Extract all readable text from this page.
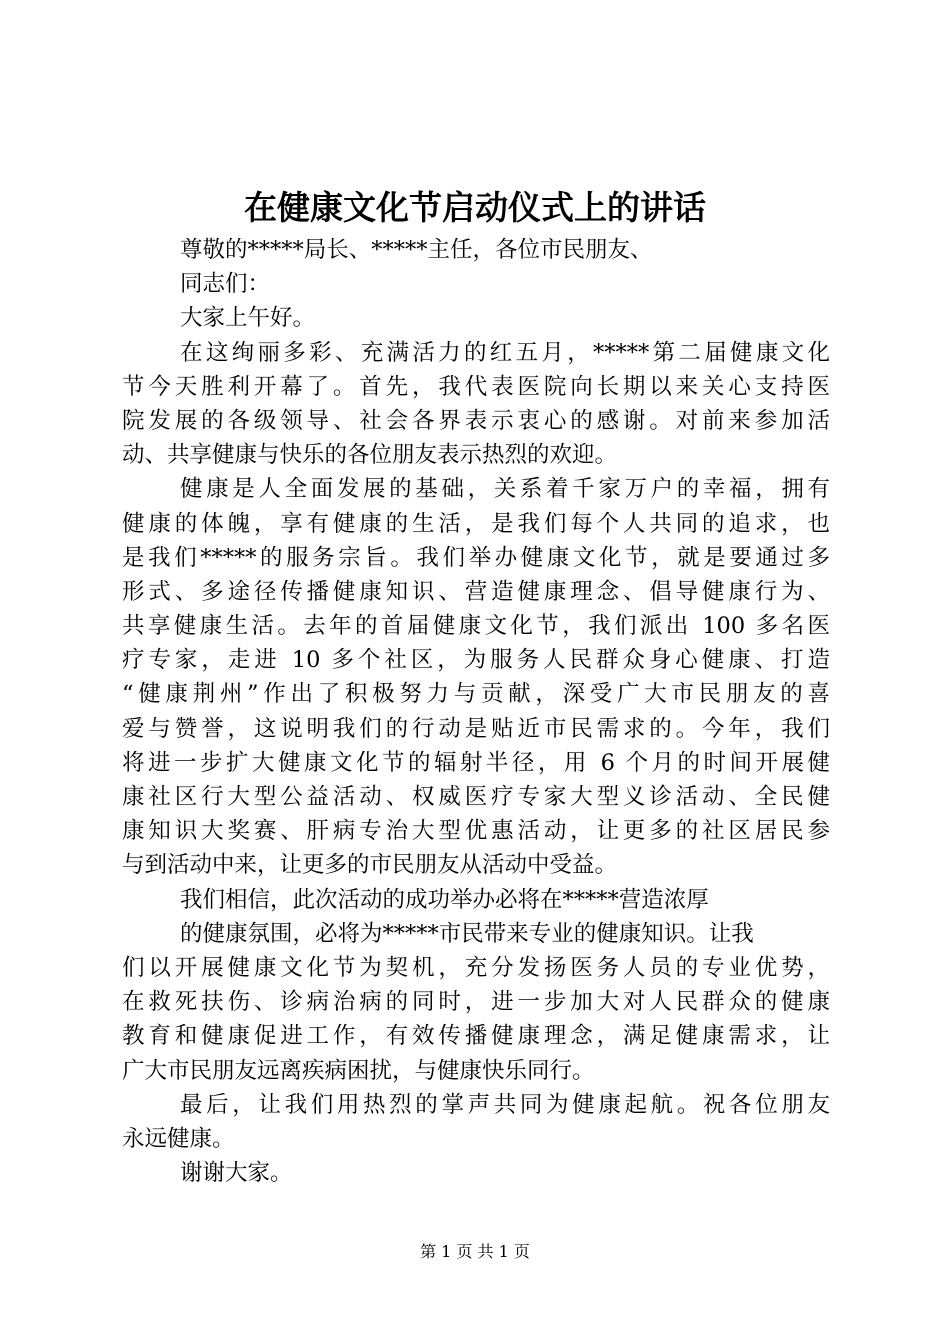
在健康文化节启动仪式上的讲话
尊敬的*****局长、*****主任，各位市民朋友、
同志们：
大家上午好。
在这绚丽多彩、充满活力的红五月，*****第二届健康文化
节今天胜利开幕了。首先，我代表医院向长期以来关心支持医
院发展的各级领导、社会各界表示衷心的感谢。对前来参加活
动、共享健康与快乐的各位朋友表示热烈的欢迎。
健康是人全面发展的基础，关系着千家万户的幸福，拥有
健康的体魄，享有健康的生活，是我们每个人共同的追求，也
是我们*****的服务宗旨。我们举办健康文化节，就是要通过多
形式、多途径传播健康知识、营造健康理念、倡导健康行为、
共享健康生活。去年的首届健康文化节，我们派出 100 多名医
疗专家，走进 10 多个社区，为服务人民群众身心健康、打造
“健康荆州”作出了积极努力与贡献，深受广大市民朋友的喜
爱与赞誉，这说明我们的行动是贴近市民需求的。今年，我们
将进一步扩大健康文化节的辐射半径，用 6 个月的时间开展健
康社区行大型公益活动、权威医疗专家大型义诊活动、全民健
康知识大奖赛、肝病专治大型优惠活动，让更多的社区居民参
与到活动中来，让更多的市民朋友从活动中受益。
我们相信，此次活动的成功举办必将在*****营造浓厚
的健康氛围，必将为*****市民带来专业的健康知识。让我
们以开展健康文化节为契机，充分发扬医务人员的专业优势，
在救死扶伤、诊病治病的同时，进一步加大对人民群众的健康
教育和健康促进工作，有效传播健康理念，满足健康需求，让
广大市民朋友远离疾病困扰，与健康快乐同行。
最后，让我们用热烈的掌声共同为健康起航。祝各位朋友
永远健康。
谢谢大家。
第 1 页 共 1 页
